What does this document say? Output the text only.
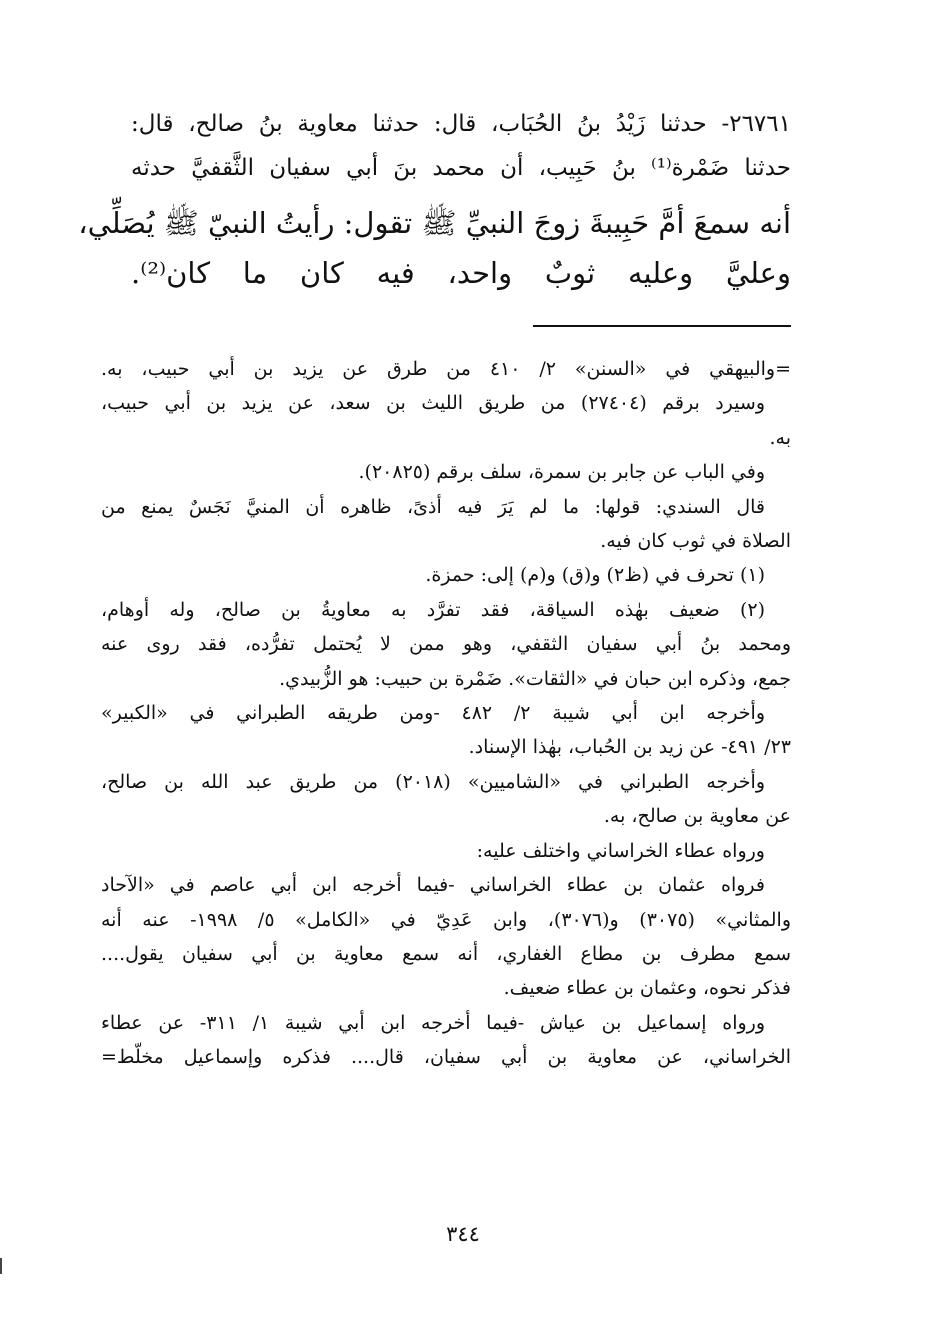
٢٦٧٦١- حدثنا زَيْدُ بنُ الحُبَاب، قال: حدثنا معاوية بنُ صالح، قال:
حدثنا ضَمْرة⁽¹⁾ بنُ حَبِيب، أن محمد بنَ أبي سفيان الثَّقفيَّ حدثه
أنه سمعَ أمَّ حَبِيبةَ زوجَ النبيِّ ﷺ تقول: رأيتُ النبيّ ﷺ يُصَلِّي،
وعليَّ وعليه ثوبٌ واحد، فيه كان ما كان⁽²⁾.
=والبيهقي في «السنن» ٢/ ٤١٠ من طرق عن يزيد بن أبي حبيب، به.
وسيرد برقم (٢٧٤٠٤) من طريق الليث بن سعد، عن يزيد بن أبي حبيب،
به.
وفي الباب عن جابر بن سمرة، سلف برقم (٢٠٨٢٥).
قال السندي: قولها: ما لم يَرَ فيه أذىً، ظاهره أن المنيَّ نَجَسٌ يمنع من
الصلاة في ثوب كان فيه.
(١) تحرف في (ظ٢) و(ق) و(م) إلى: حمزة.
(٢) ضعيف بهٰذه السياقة، فقد تفرَّد به معاويةُ بن صالح، وله أوهام،
ومحمد بنُ أبي سفيان الثقفي، وهو ممن لا يُحتمل تفرُّده، فقد روى عنه
جمع، وذكره ابن حبان في «الثقات». ضَمْرة بن حبيب: هو الزُّبيدي.
وأخرجه ابن أبي شيبة ٢/ ٤٨٢ -ومن طريقه الطبراني في «الكبير»
٢٣/ ٤٩١- عن زيد بن الحُباب، بهٰذا الإسناد.
وأخرجه الطبراني في «الشاميين» (٢٠١٨) من طريق عبد الله بن صالح،
عن معاوية بن صالح، به.
ورواه عطاء الخراساني واختلف عليه:
فرواه عثمان بن عطاء الخراساني -فيما أخرجه ابن أبي عاصم في «الآحاد
والمثاني» (٣٠٧٥) و(٣٠٧٦)، وابن عَدِيّ في «الكامل» ٥/ ١٩٩٨- عنه أنه
سمع مطرف بن مطاع الغفاري، أنه سمع معاوية بن أبي سفيان يقول....
فذكر نحوه، وعثمان بن عطاء ضعيف.
ورواه إسماعيل بن عياش -فيما أخرجه ابن أبي شيبة ١/ ٣١١- عن عطاء
الخراساني، عن معاوية بن أبي سفيان، قال.... فذكره وإسماعيل مخلّط=
٣٤٤
